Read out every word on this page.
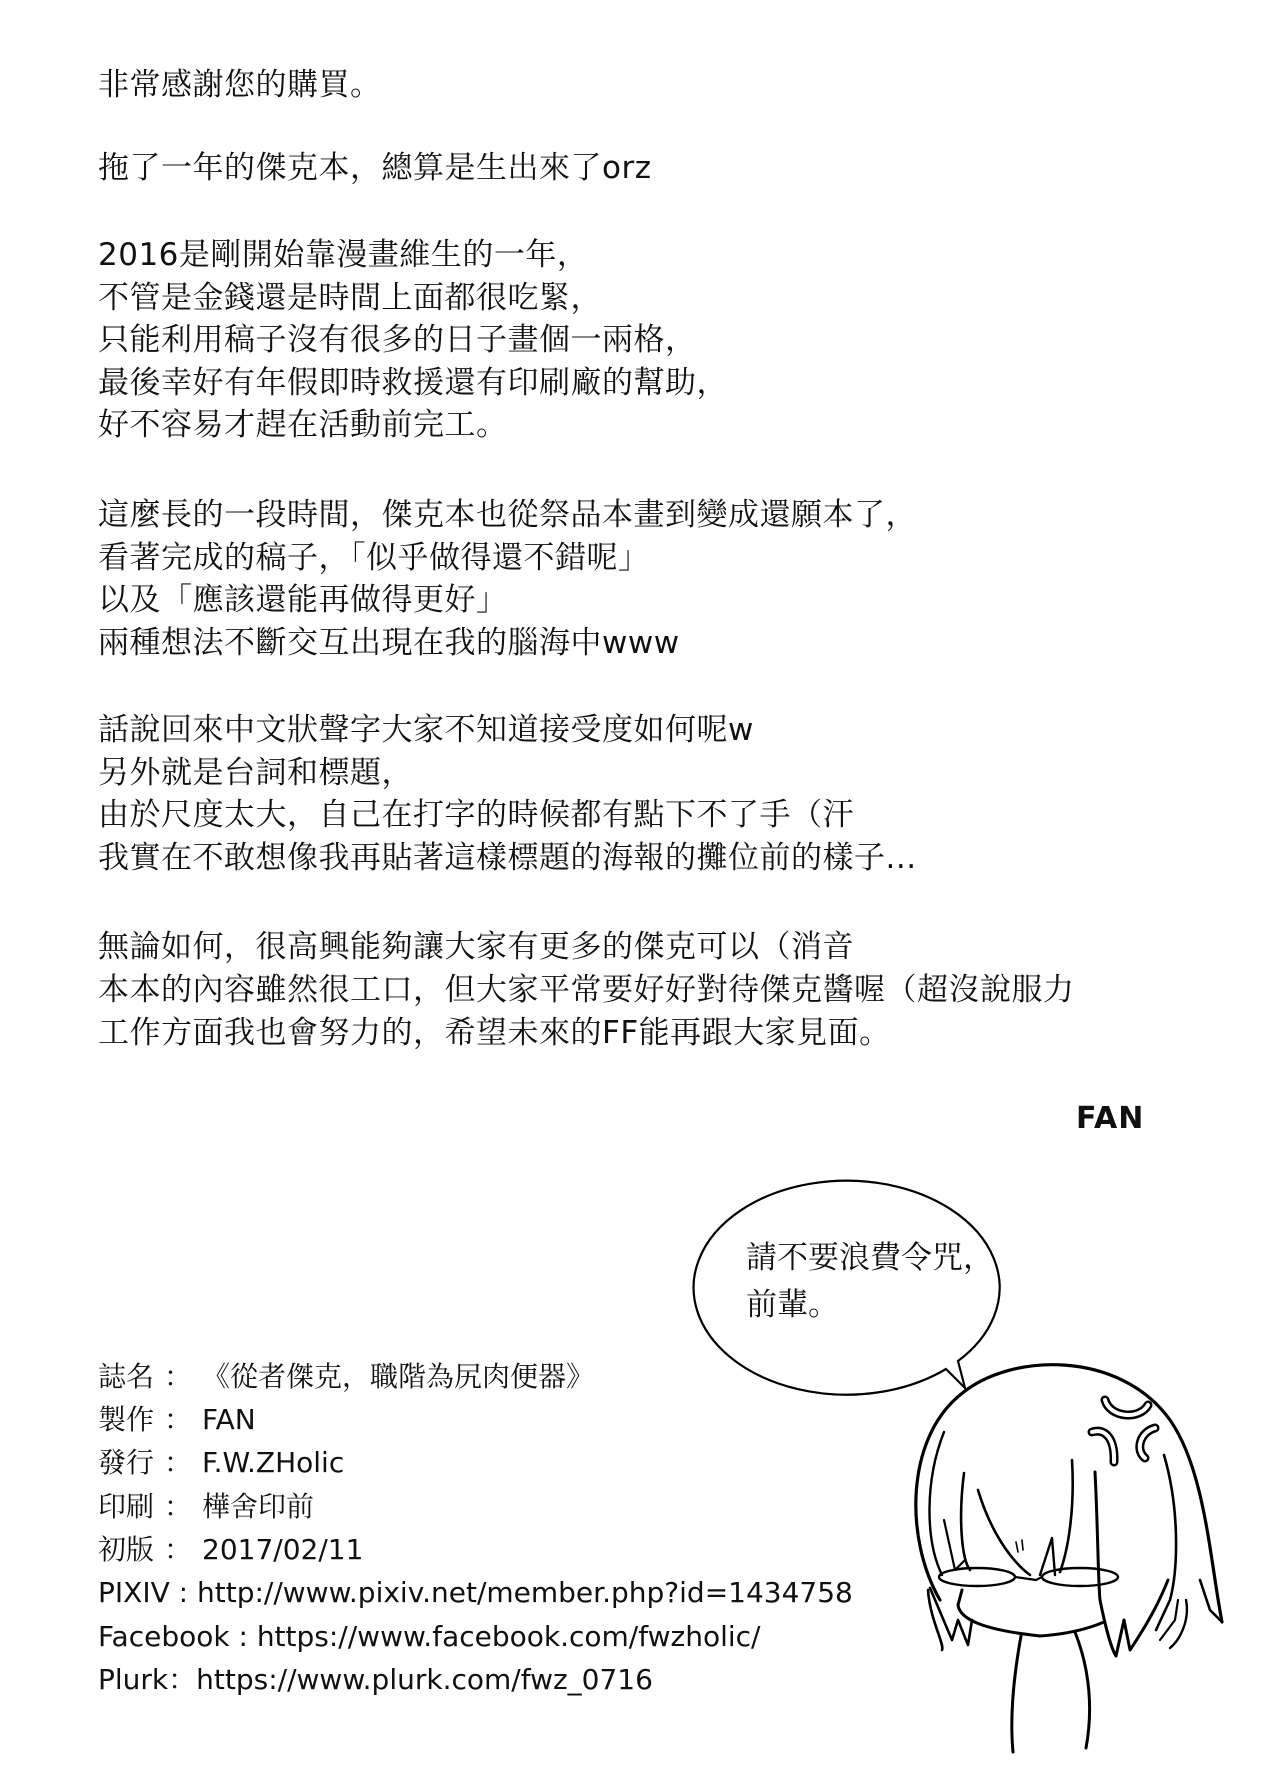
非常感謝您的購買。
拖了一年的傑克本，總算是生出來了orz
2016是剛開始靠漫畫維生的一年，
不管是金錢還是時間上面都很吃緊，
只能利用稿子沒有很多的日子畫個一兩格，
最後幸好有年假即時救援還有印刷廠的幫助，
好不容易才趕在活動前完工。
這麼長的一段時間，傑克本也從祭品本畫到變成還願本了，
看著完成的稿子，「似乎做得還不錯呢」
以及「應該還能再做得更好」
兩種想法不斷交互出現在我的腦海中www
話說回來中文狀聲字大家不知道接受度如何呢w
另外就是台詞和標題，
由於尺度太大，自己在打字的時候都有點下不了手（汗
我實在不敢想像我再貼著這樣標題的海報的攤位前的樣子...
無論如何，很高興能夠讓大家有更多的傑克可以（消音
本本的內容雖然很工口，但大家平常要好好對待傑克醬喔（超沒說服力
工作方面我也會努力的，希望未來的FF能再跟大家見面。
FAN
請不要浪費令咒，
前輩。
誌名 ： 《從者傑克，職階為尻肉便器》
製作 ： FAN
發行 ： F.W.ZHolic
印刷 ： 樺舍印前
初版 ： 2017/02/11
PIXIV : http://www.pixiv.net/member.php?id=1434758
Facebook : https://www.facebook.com/fwzholic/
Plurk：https://www.plurk.com/fwz_0716
